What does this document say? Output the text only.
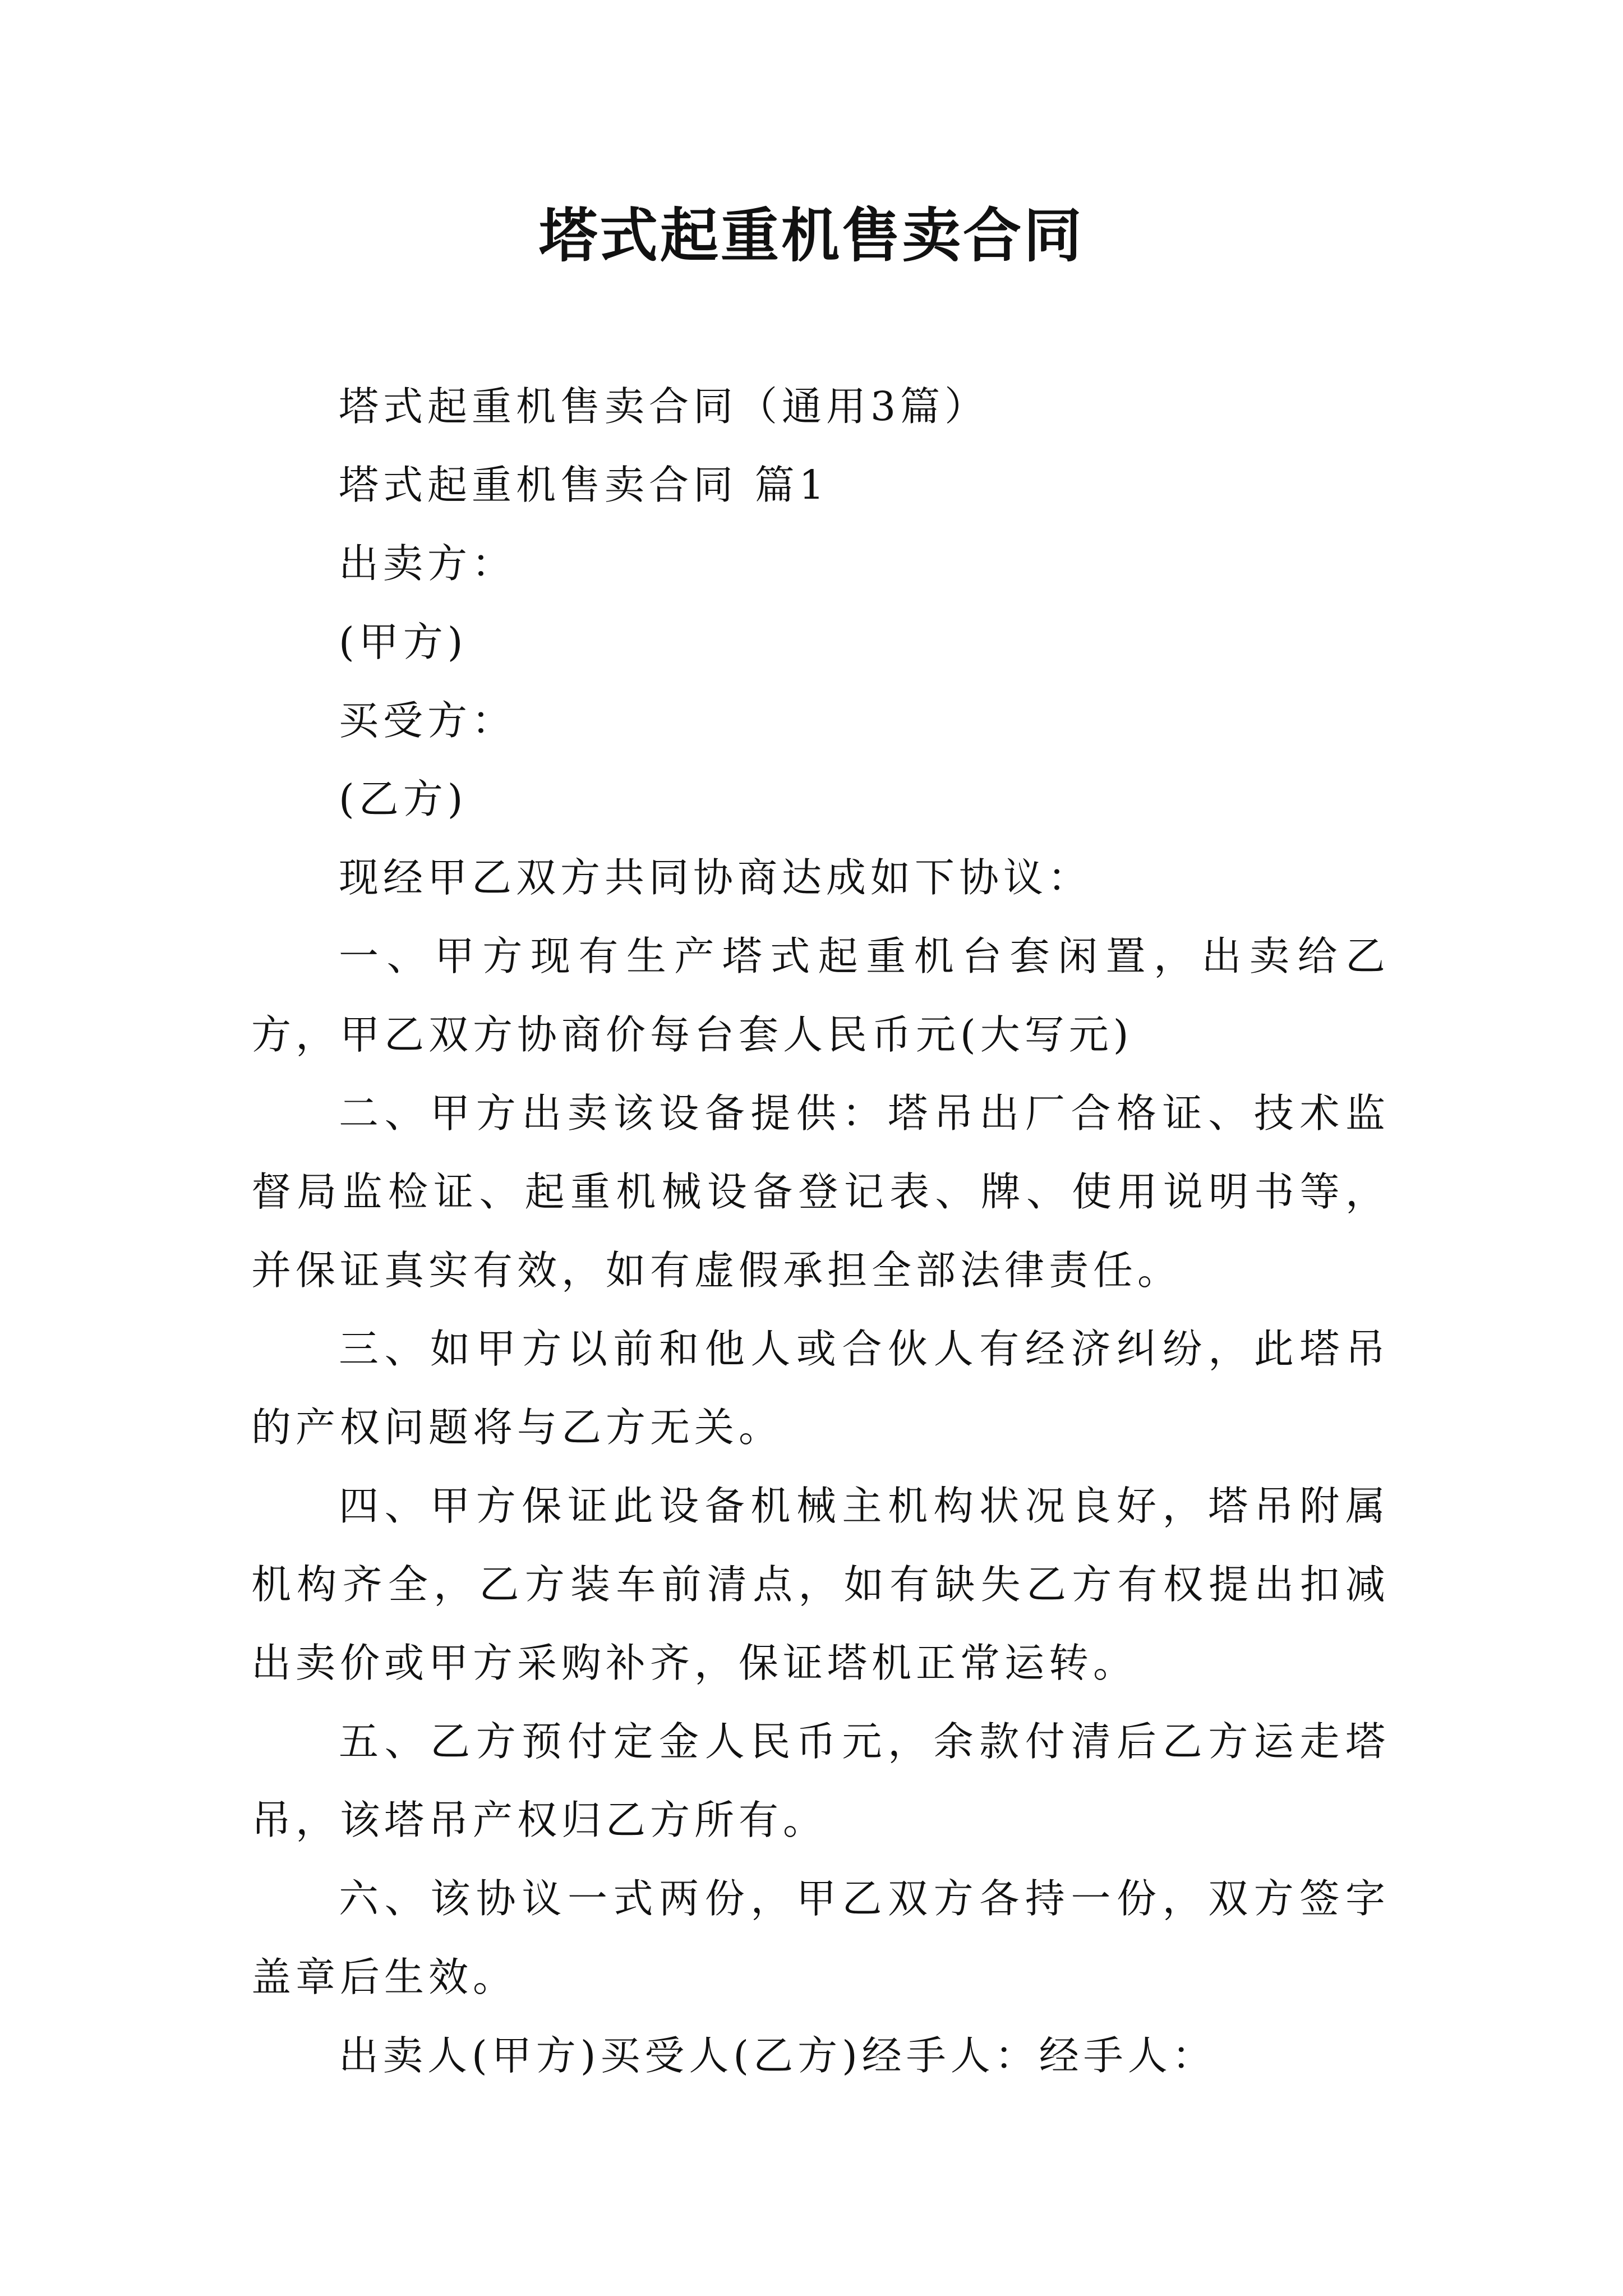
塔式起重机售卖合同

塔式起重机售卖合同（通用3篇）

塔式起重机售卖合同 篇1

出卖方：

(甲方)

买受方：

(乙方)

现经甲乙双方共同协商达成如下协议：

一、甲方现有生产塔式起重机台套闲置，出卖给乙方，甲乙双方协商价每台套人民币元(大写元)

二、甲方出卖该设备提供：塔吊出厂合格证、技术监督局监检证、起重机械设备登记表、牌、使用说明书等，并保证真实有效，如有虚假承担全部法律责任。

三、如甲方以前和他人或合伙人有经济纠纷，此塔吊的产权问题将与乙方无关。

四、甲方保证此设备机械主机构状况良好，塔吊附属机构齐全，乙方装车前清点，如有缺失乙方有权提出扣减出卖价或甲方采购补齐，保证塔机正常运转。

五、乙方预付定金人民币元，余款付清后乙方运走塔吊，该塔吊产权归乙方所有。

六、该协议一式两份，甲乙双方各持一份，双方签字盖章后生效。

出卖人(甲方)买受人(乙方)经手人：经手人：
